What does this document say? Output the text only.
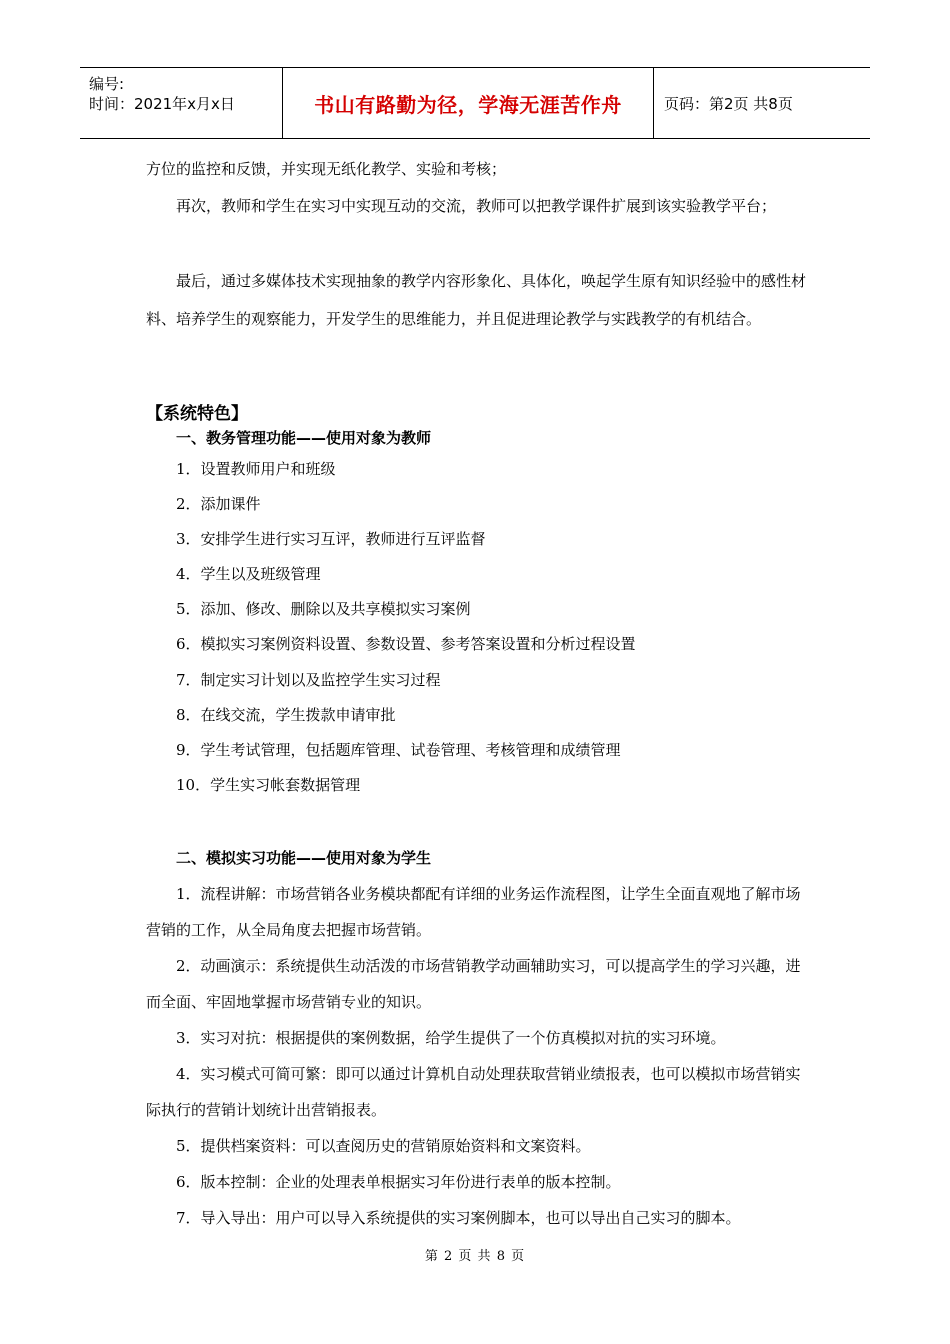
编号:
时间：2021年x月x日	书山有路勤为径，学海无涯苦作舟	页码：第2页 共8页

方位的监控和反馈，并实现无纸化教学、实验和考核；

再次，教师和学生在实习中实现互动的交流，教师可以把教学课件扩展到该实验教学平台；

最后，通过多媒体技术实现抽象的教学内容形象化、具体化，唤起学生原有知识经验中的感性材料、培养学生的观察能力，开发学生的思维能力，并且促进理论教学与实践教学的有机结合。

【系统特色】
一、教务管理功能——使用对象为教师
1．设置教师用户和班级
2．添加课件
3．安排学生进行实习互评，教师进行互评监督
4．学生以及班级管理
5．添加、修改、删除以及共享模拟实习案例
6．模拟实习案例资料设置、参数设置、参考答案设置和分析过程设置
7．制定实习计划以及监控学生实习过程
8．在线交流，学生拨款申请审批
9．学生考试管理，包括题库管理、试卷管理、考核管理和成绩管理
10．学生实习帐套数据管理
二、模拟实习功能——使用对象为学生

1．流程讲解：市场营销各业务模块都配有详细的业务运作流程图，让学生全面直观地了解市场营销的工作，从全局角度去把握市场营销。

2．动画演示：系统提供生动活泼的市场营销教学动画辅助实习，可以提高学生的学习兴趣，进而全面、牢固地掌握市场营销专业的知识。

3．实习对抗：根据提供的案例数据，给学生提供了一个仿真模拟对抗的实习环境。

4．实习模式可简可繁：即可以通过计算机自动处理获取营销业绩报表，也可以模拟市场营销实际执行的营销计划统计出营销报表。

5．提供档案资料：可以查阅历史的营销原始资料和文案资料。

6．版本控制：企业的处理表单根据实习年份进行表单的版本控制。

7．导入导出：用户可以导入系统提供的实习案例脚本，也可以导出自己实习的脚本。

第 2 页 共 8 页
